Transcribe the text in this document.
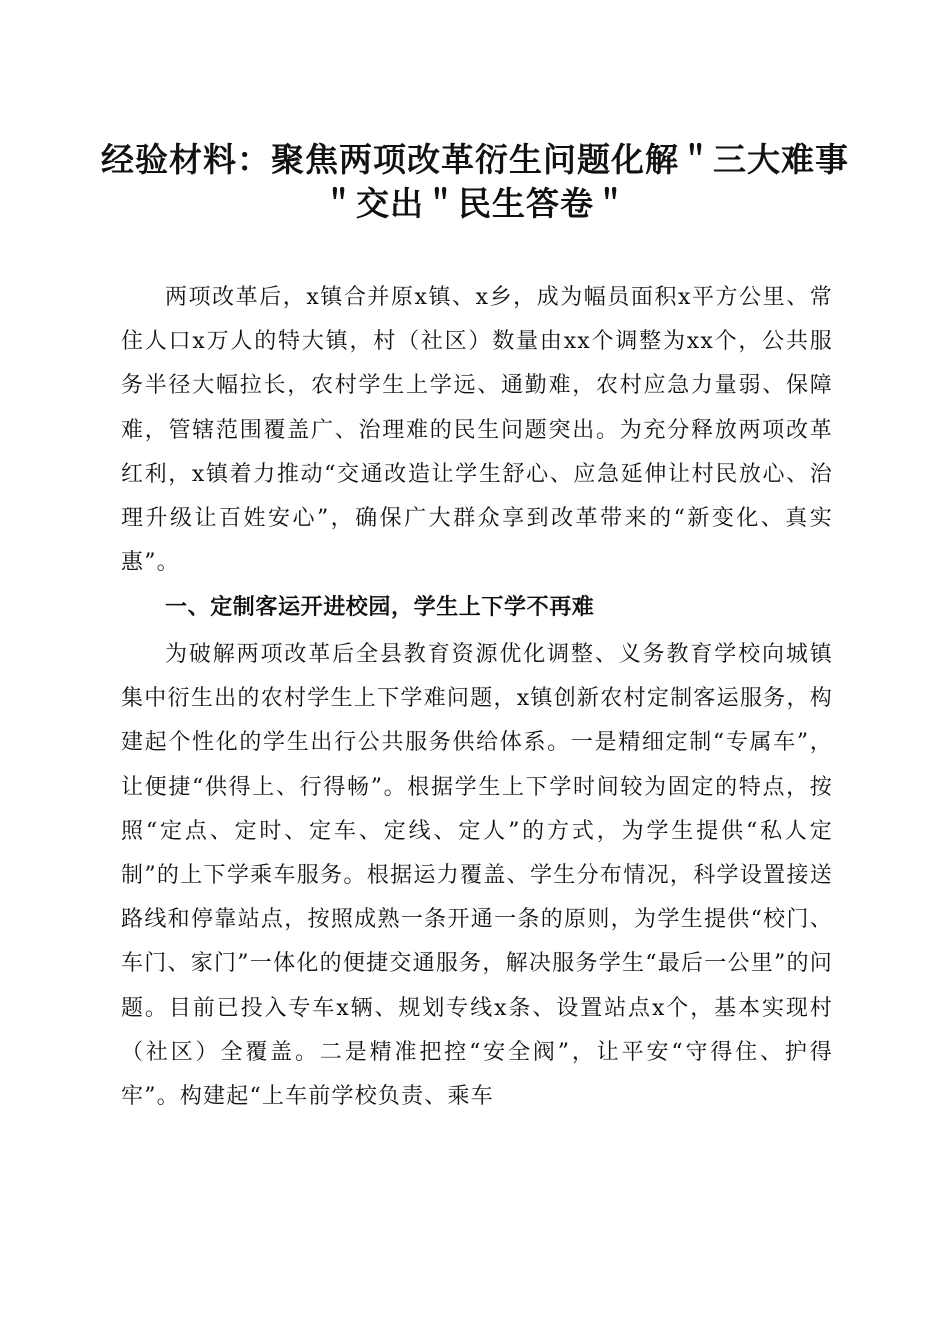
经验材料：聚焦两项改革衍生问题化解＂三大难事＂交出＂民生答卷＂

两项改革后，x镇合并原x镇、x乡，成为幅员面积x平方公里、常住人口x万人的特大镇，村（社区）数量由xx个调整为xx个，公共服务半径大幅拉长，农村学生上学远、通勤难，农村应急力量弱、保障难，管辖范围覆盖广、治理难的民生问题突出。为充分释放两项改革红利，x镇着力推动“交通改造让学生舒心、应急延伸让村民放心、治理升级让百姓安心”，确保广大群众享到改革带来的“新变化、真实惠”。

一、定制客运开进校园，学生上下学不再难

为破解两项改革后全县教育资源优化调整、义务教育学校向城镇集中衍生出的农村学生上下学难问题，x镇创新农村定制客运服务，构建起个性化的学生出行公共服务供给体系。一是精细定制“专属车”，让便捷“供得上、行得畅”。根据学生上下学时间较为固定的特点，按照“定点、定时、定车、定线、定人”的方式，为学生提供“私人定制”的上下学乘车服务。根据运力覆盖、学生分布情况，科学设置接送路线和停靠站点，按照成熟一条开通一条的原则，为学生提供“校门、车门、家门”一体化的便捷交通服务，解决服务学生“最后一公里”的问题。目前已投入专车x辆、规划专线x条、设置站点x个，基本实现村（社区）全覆盖。二是精准把控“安全阀”，让平安“守得住、护得牢”。构建起“上车前学校负责、乘车
